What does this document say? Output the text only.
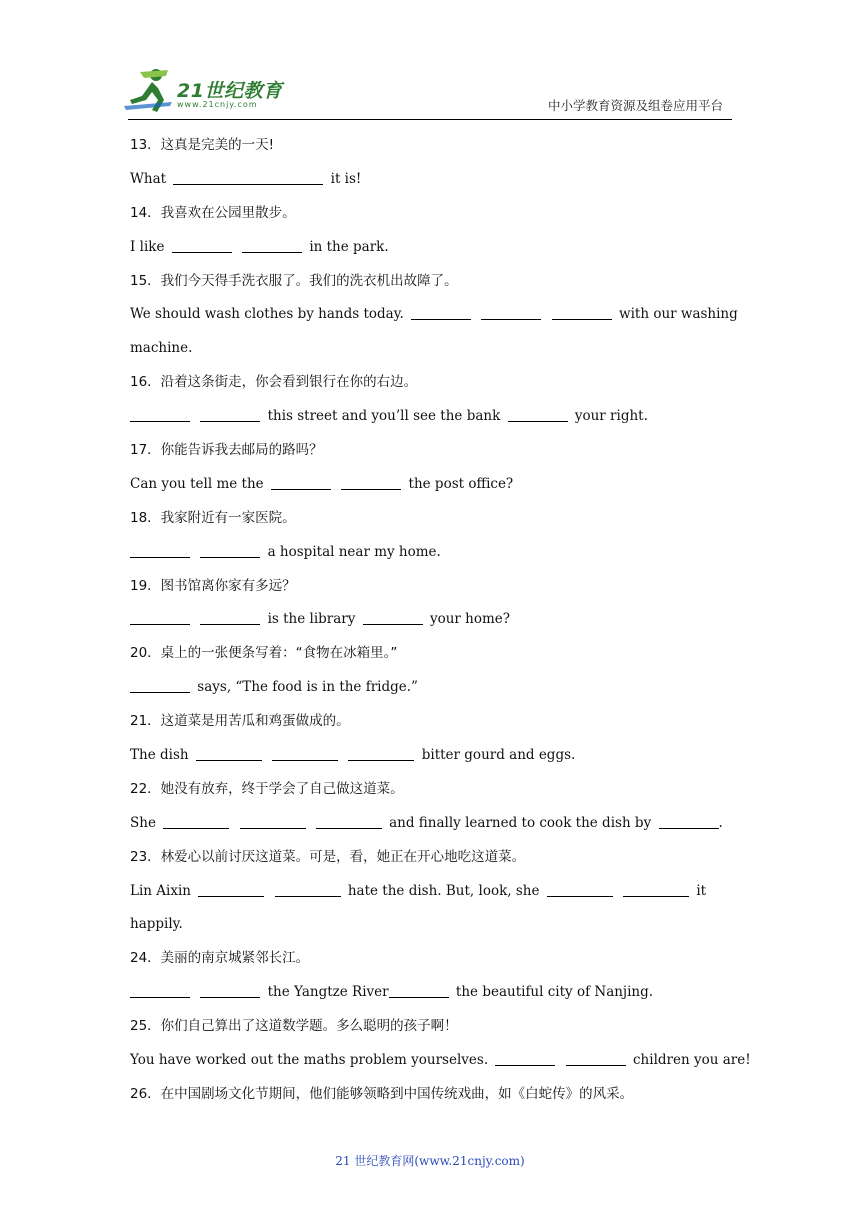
21世纪教育
www.21cnjy.com	中小学教育资源及组卷应用平台
13．这真是完美的一天!
What	it is!
14．我喜欢在公园里散步。
I like	in the park.
15．我们今天得手洗衣服了。我们的洗衣机出故障了。
We should wash clothes by hands today.	with our washing
machine.
16．沿着这条街走，你会看到银行在你的右边。
this street and you’ll see the bank	your right.
17．你能告诉我去邮局的路吗？
Can you tell me the	the post office?
18．我家附近有一家医院。
a hospital near my home.
19．图书馆离你家有多远？
is the library	your home?
20．桌上的一张便条写着：“食物在冰箱里。”
says, “The food is in the fridge.”
21．这道菜是用苦瓜和鸡蛋做成的。
The dish	bitter gourd and eggs.
22．她没有放弃，终于学会了自己做这道菜。
She	and finally learned to cook the dish by	.
23．林爱心以前讨厌这道菜。可是，看，她正在开心地吃这道菜。
Lin Aixin	hate the dish. But, look, she	it
happily.
24．美丽的南京城紧邻长江。
the Yangtze River	the beautiful city of Nanjing.
25．你们自己算出了这道数学题。多么聪明的孩子啊！
You have worked out the maths problem yourselves.	children you are!
26．在中国剧场文化节期间，他们能够领略到中国传统戏曲，如《白蛇传》的风采。
21 世纪教育网(www.21cnjy.com)
